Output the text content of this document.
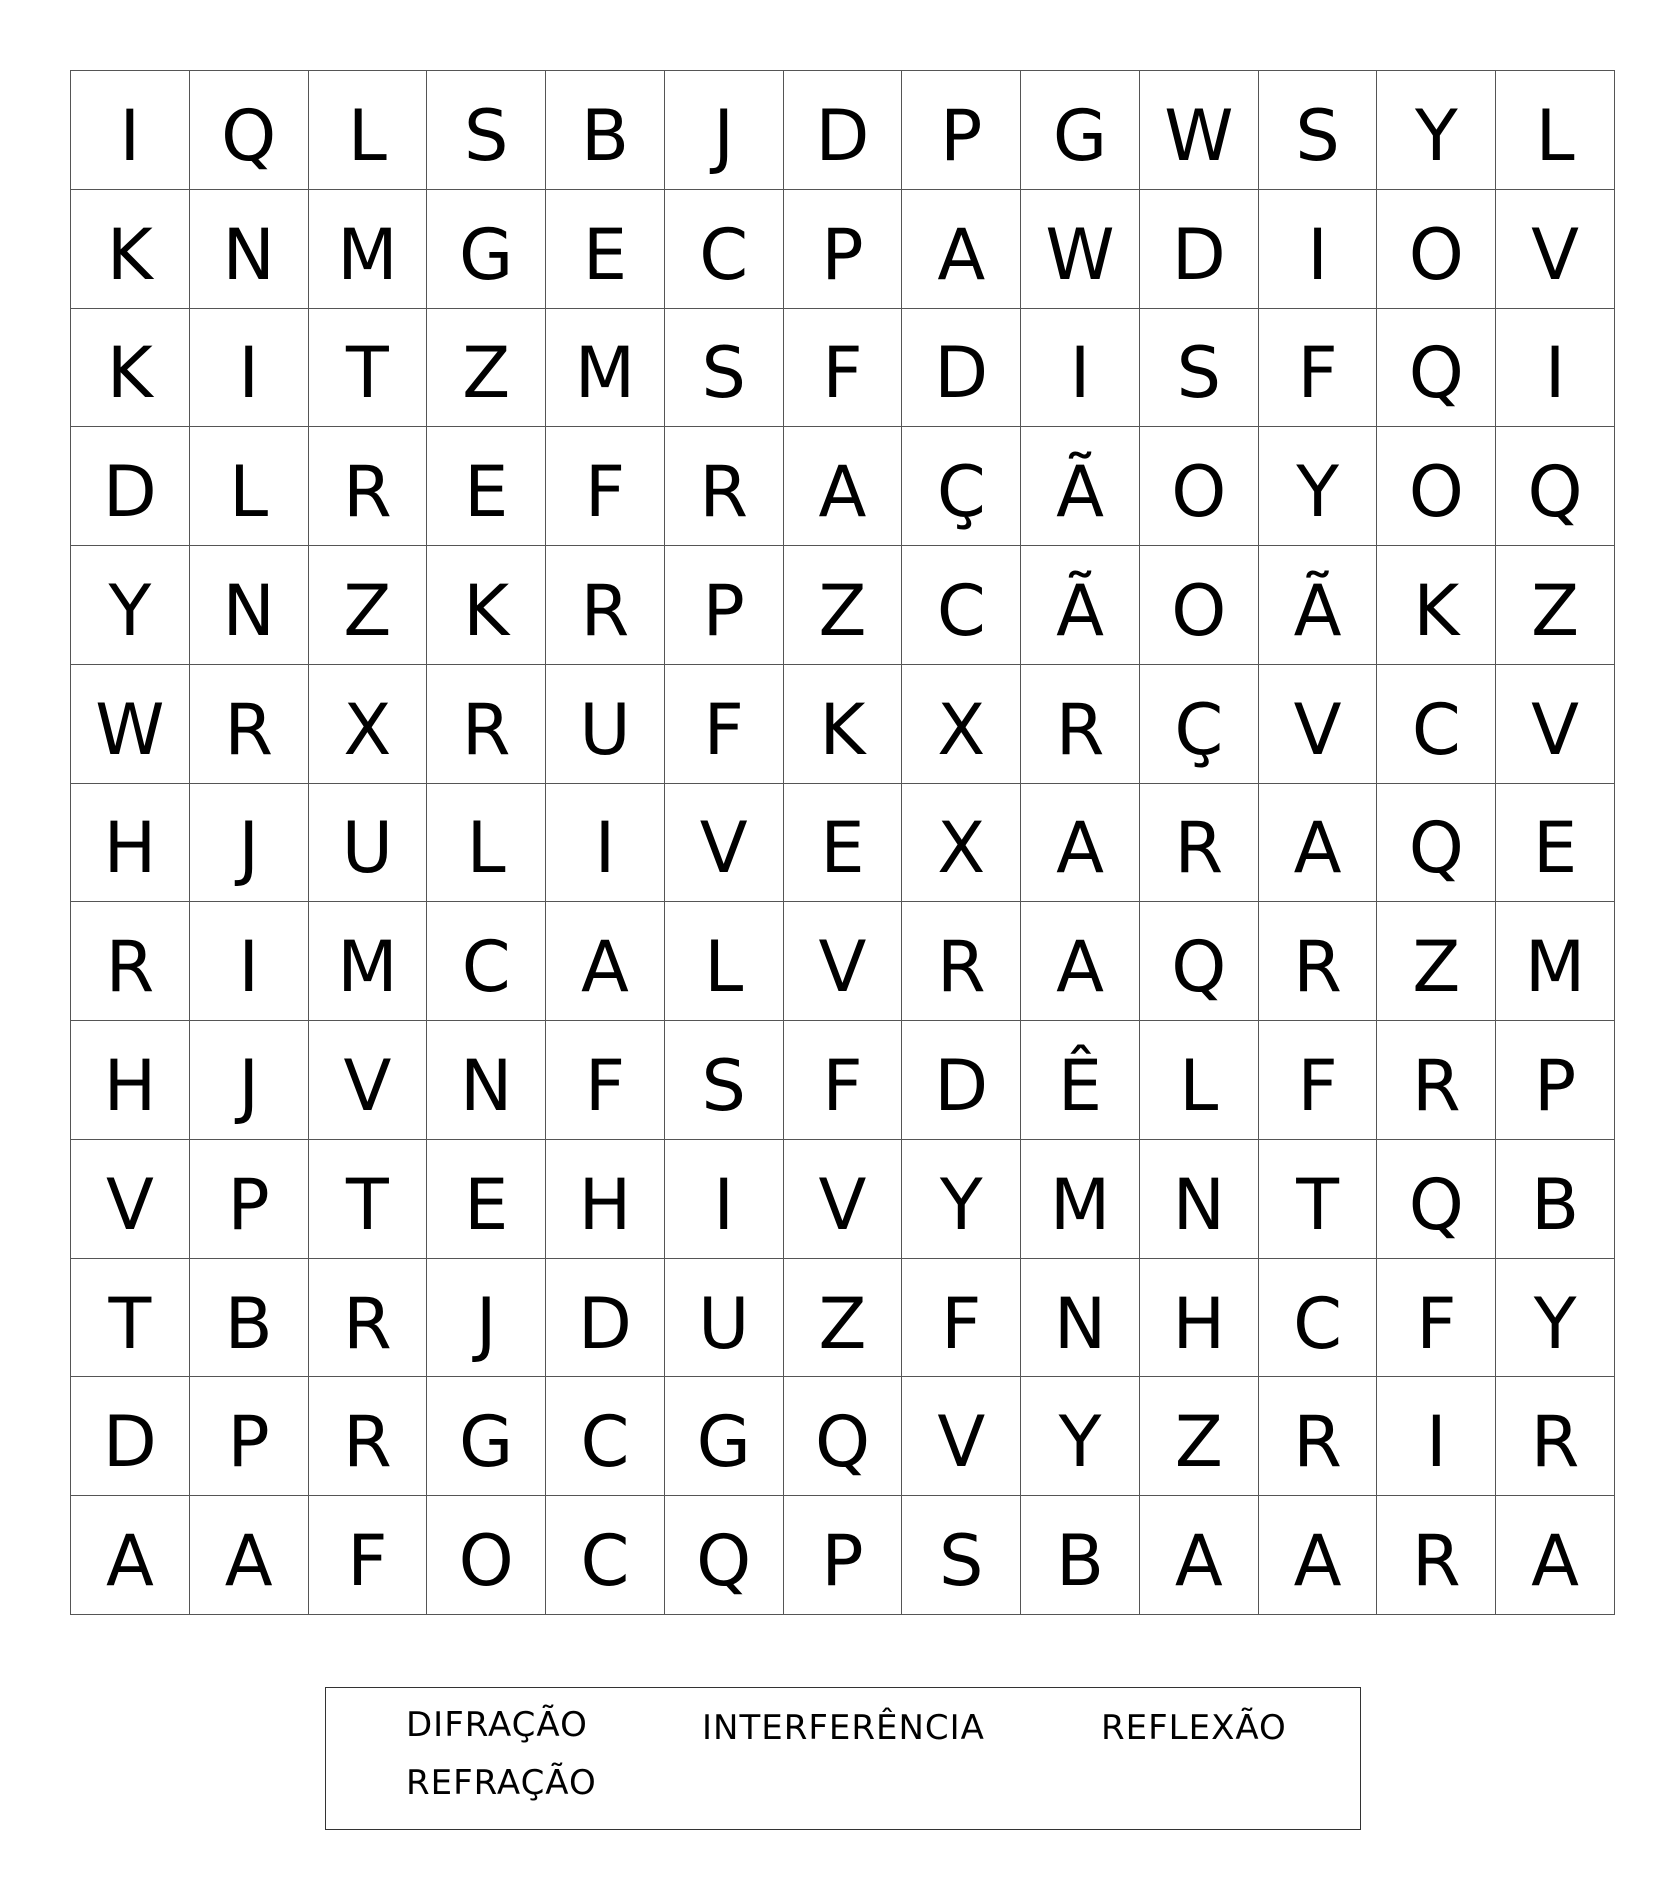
I	Q	L	S	B	J	D	P	G W S	Y	L
K N M G E	C	P	A W D	I	O V
K	I	T	Z M S	F	D	I	S	F	Q	I
D	L	R	E	F	R	A	Ç	Ã O Y O Q
Y	N Z	K	R	P	Z	C	Ã O Ã	K	Z
W R	X	R U	F	K	X	R	Ç	V	C	V
H	J	U	L	I	V	E	X	A	R	A Q E
R	I	M C	A	L	V	R	A Q R	Z M
H	J	V N	F	S	F	D Ê	L	F	R	P
V	P	T	E	H	I	V	Y M N	T Q B
T	B	R	J	D U Z	F	N H C	F	Y
D	P	R G C G Q V	Y	Z	R	I	R
A	A	F	O C Q	P	S	B	A	A	R	A
DIFRAÇÃO	INTERFERÊNCIA	REFLEXÃO
REFRAÇÃO
